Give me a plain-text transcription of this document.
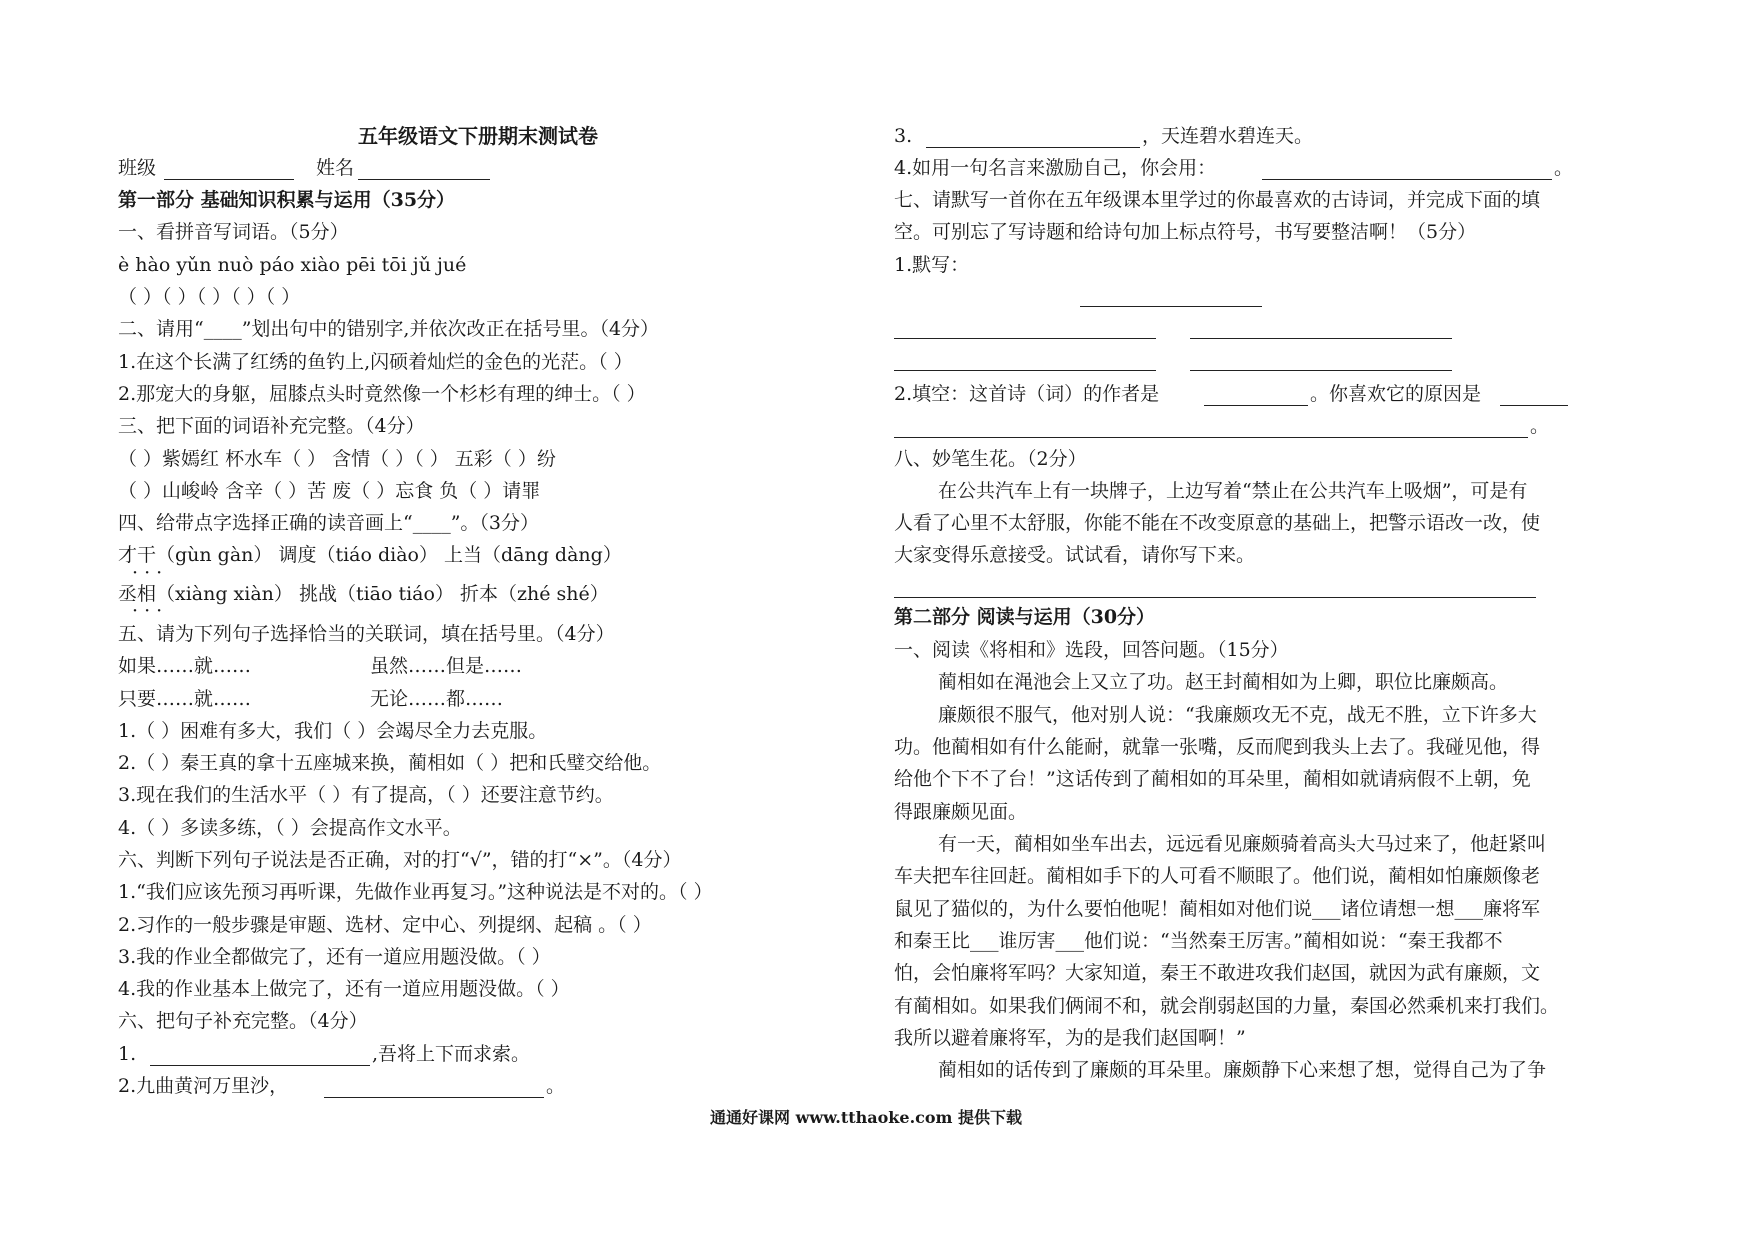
五年级语文下册期末测试卷
班级	姓名
第一部分 基础知识积累与运用（35分）
一、看拼音写词语。（5分）
è hào yǔn nuò páo xiào pēi tōi jǔ jué
（ ）（ ）（ ）（ ）（ ）
二、请用“____”划出句中的错别字,并依次改正在括号里。（4分）
1.在这个长满了红绣的鱼钓上,闪硕着灿烂的金色的光茫。（ ）
2.那宠大的身躯，屈膝点头时竟然像一个杉杉有理的绅士。（ ）
三、把下面的词语补充完整。（4分）
（ ）紫嫣红 杯水车（ ） 含情（ ）（ ） 五彩（ ）纷
（ ）山峻岭 含辛（ ）苦 废（ ）忘食 负（ ）请罪
四、给带点字选择正确的读音画上“____”。（3分）
才干（gùn gàn） 调度（tiáo diào） 上当（dāng dàng）
· · ·
丞相（xiàng xiàn） 挑战（tiāo tiáo） 折本（zhé shé）
· · ·
五、请为下列句子选择恰当的关联词，填在括号里。（4分）
如果……就……	虽然……但是……
只要……就……	无论……都……
1.（ ）困难有多大，我们（ ）会竭尽全力去克服。
2.（ ）秦王真的拿十五座城来换，蔺相如（ ）把和氏璧交给他。
3.现在我们的生活水平（ ）有了提高，（ ）还要注意节约。
4.（ ）多读多练，（ ）会提高作文水平。
六、判断下列句子说法是否正确，对的打“√”，错的打“×”。（4分）
1.“我们应该先预习再听课，先做作业再复习。”这种说法是不对的。（ ）
2.习作的一般步骤是审题、选材、定中心、列提纲、起稿 。（ ）
3.我的作业全都做完了，还有一道应用题没做。（ ）
4.我的作业基本上做完了，还有一道应用题没做。（ ）
六、把句子补充完整。（4分）
1.	,吾将上下而求索。
2.九曲黄河万里沙，	。
3.	，天连碧水碧连天。
4.如用一句名言来激励自己，你会用：	。
七、请默写一首你在五年级课本里学过的你最喜欢的古诗词，并完成下面的填
空。可别忘了写诗题和给诗句加上标点符号，书写要整洁啊！（5分）
1.默写：
2.填空：这首诗（词）的作者是	。你喜欢它的原因是
。
八、妙笔生花。（2分）
在公共汽车上有一块牌子，上边写着“禁止在公共汽车上吸烟”，可是有
人看了心里不太舒服，你能不能在不改变原意的基础上，把警示语改一改，使
大家变得乐意接受。试试看，请你写下来。
第二部分 阅读与运用（30分）
一、阅读《将相和》选段，回答问题。（15分）
蔺相如在渑池会上又立了功。赵王封蔺相如为上卿，职位比廉颇高。
廉颇很不服气，他对别人说：“我廉颇攻无不克，战无不胜，立下许多大
功。他蔺相如有什么能耐，就靠一张嘴，反而爬到我头上去了。我碰见他，得
给他个下不了台！”这话传到了蔺相如的耳朵里，蔺相如就请病假不上朝，免
得跟廉颇见面。
有一天，蔺相如坐车出去，远远看见廉颇骑着高头大马过来了，他赶紧叫
车夫把车往回赶。蔺相如手下的人可看不顺眼了。他们说，蔺相如怕廉颇像老
鼠见了猫似的，为什么要怕他呢！蔺相如对他们说___诸位请想一想___廉将军
和秦王比___谁厉害___他们说：“当然秦王厉害。”蔺相如说：“秦王我都不
怕，会怕廉将军吗？大家知道，秦王不敢进攻我们赵国，就因为武有廉颇，文
有蔺相如。如果我们俩闹不和，就会削弱赵国的力量，秦国必然乘机来打我们。
我所以避着廉将军，为的是我们赵国啊！”
蔺相如的话传到了廉颇的耳朵里。廉颇静下心来想了想，觉得自己为了争
通通好课网 www.tthaoke.com 提供下载
